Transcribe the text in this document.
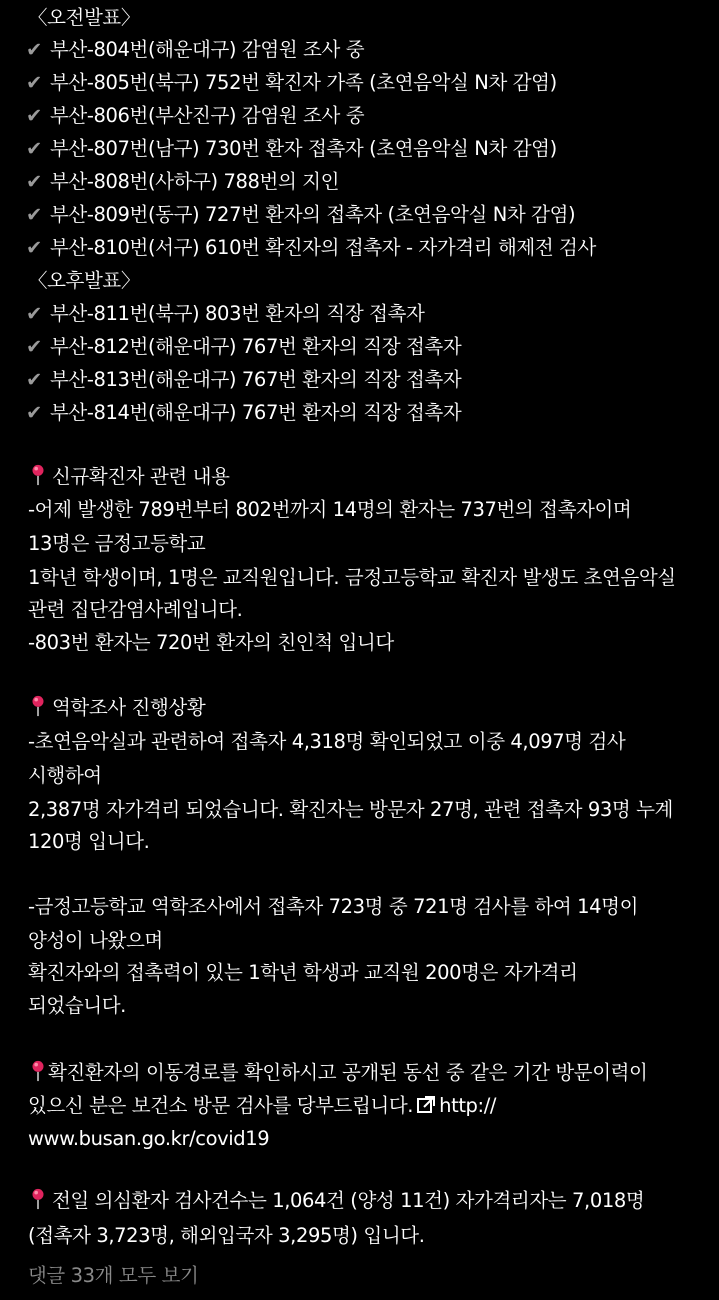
〈오전발표〉
✔ 부산-804번(해운대구) 감염원 조사 중
✔ 부산-805번(북구) 752번 확진자 가족 (초연음악실 N차 감염)
✔ 부산-806번(부산진구) 감염원 조사 중
✔ 부산-807번(남구) 730번 환자 접촉자 (초연음악실 N차 감염)
✔ 부산-808번(사하구) 788번의 지인
✔ 부산-809번(동구) 727번 환자의 접촉자 (초연음악실 N차 감염)
✔ 부산-810번(서구) 610번 확진자의 접촉자 - 자가격리 해제전 검사
〈오후발표〉
✔ 부산-811번(북구) 803번 환자의 직장 접촉자
✔ 부산-812번(해운대구) 767번 환자의 직장 접촉자
✔ 부산-813번(해운대구) 767번 환자의 직장 접촉자
✔ 부산-814번(해운대구) 767번 환자의 직장 접촉자
신규확진자 관련 내용
-어제 발생한 789번부터 802번까지 14명의 환자는 737번의 접촉자이며
13명은 금정고등학교
1학년 학생이며, 1명은 교직원입니다. 금정고등학교 확진자 발생도 초연음악실
관련 집단감염사례입니다.
-803번 환자는 720번 환자의 친인척 입니다
역학조사 진행상황
-초연음악실과 관련하여 접촉자 4,318명 확인되었고 이중 4,097명 검사
시행하여
2,387명 자가격리 되었습니다. 확진자는 방문자 27명, 관련 접촉자 93명 누계
120명 입니다.
-금정고등학교 역학조사에서 접촉자 723명 중 721명 검사를 하여 14명이
양성이 나왔으며
확진자와의 접촉력이 있는 1학년 학생과 교직원 200명은 자가격리
되었습니다.
확진환자의 이동경로를 확인하시고 공개된 동선 중 같은 기간 방문이력이
있으신 분은 보건소 방문 검사를 당부드립니다. http://
www.busan.go.kr/covid19
전일 의심환자 검사건수는 1,064건 (양성 11건) 자가격리자는 7,018명
(접촉자 3,723명, 해외입국자 3,295명) 입니다.
댓글 33개 모두 보기
